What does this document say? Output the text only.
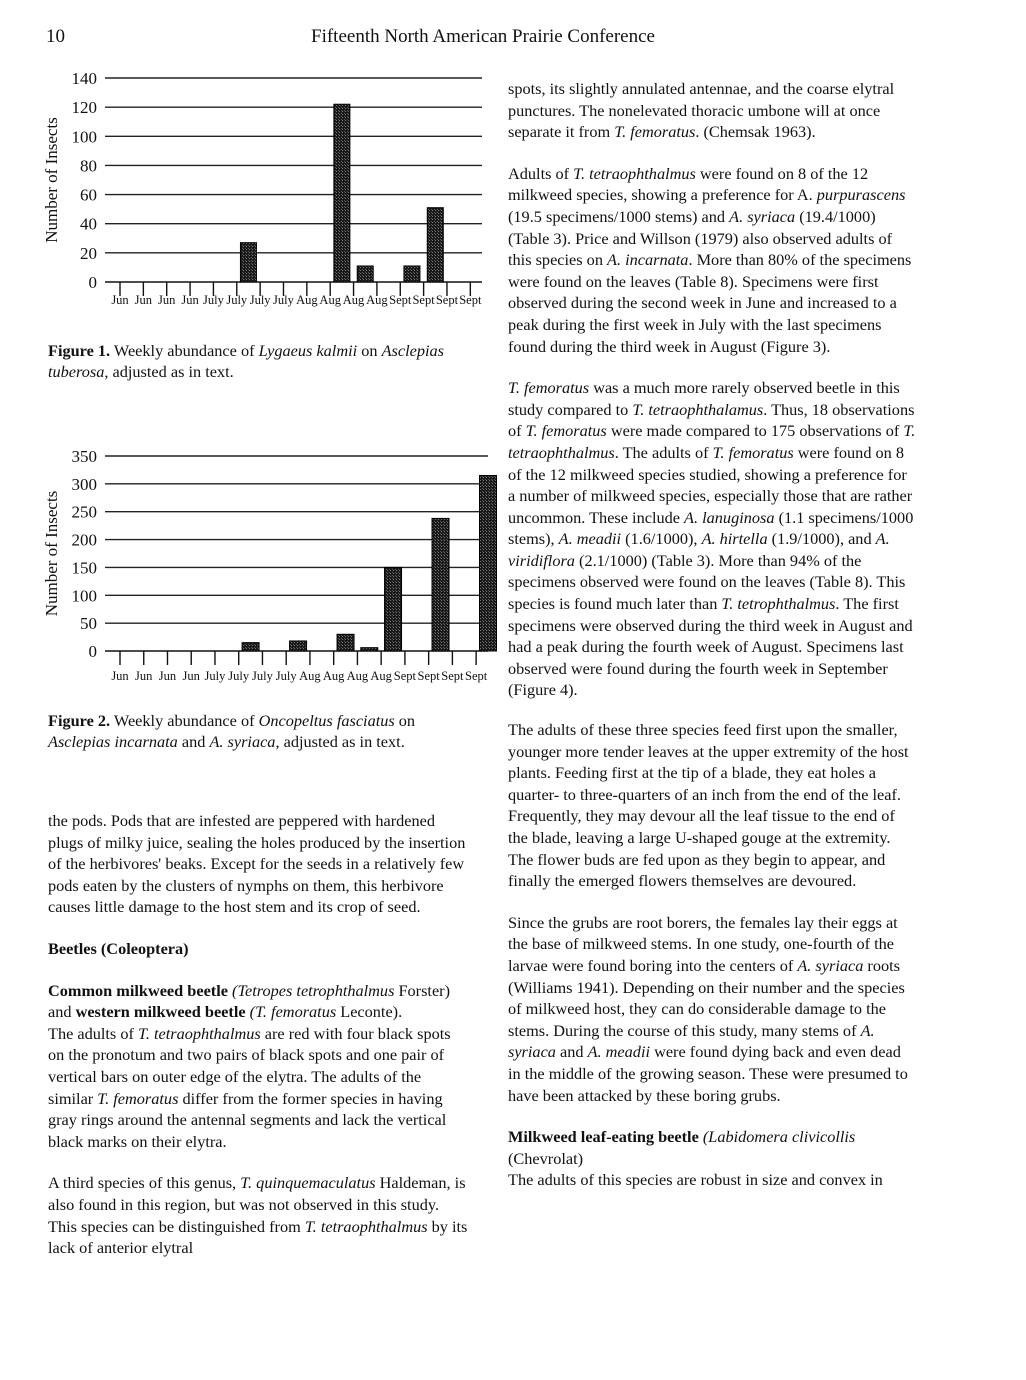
10	Fifteenth North American Prairie Conference
0
20
40
60
80
100
120
140
Number of Insects
Jun Jun Jun Jun July July July July Aug Aug Aug Aug Sept Sept Sept Sept
0
50
100
150
200
250
300
350
Number of Insects
Jun Jun Jun Jun July July July July Aug Aug Aug Aug Sept Sept Sept Sept
Figure 1. Weekly abundance of Lygaeus kalmii on Asclepias tuberosa, adjusted as in text.
Figure 2. Weekly abundance of Oncopeltus fasciatus on Asclepias incarnata and A. syriaca, adjusted as in text.

the pods. Pods that are infested are peppered with hardened plugs of milky juice, sealing the holes produced by the insertion of the herbivores' beaks. Except for the seeds in a relatively few pods eaten by the clusters of nymphs on them, this herbivore causes little damage to the host stem and its crop of seed.

Beetles (Coleoptera)

Common milkweed beetle (Tetropes tetrophthalmus Forster) and western milkweed beetle (T. femoratus Leconte).

The adults of T. tetraophthalmus are red with four black spots on the pronotum and two pairs of black spots and one pair of vertical bars on outer edge of the elytra. The adults of the similar T. femoratus differ from the former species in having gray rings around the antennal segments and lack the vertical black marks on their elytra.

A third species of this genus, T. quinquemaculatus Haldeman, is also found in this region, but was not observed in this study. This species can be distinguished from T. tetraophthalmus by its lack of anterior elytral

spots, its slightly annulated antennae, and the coarse elytral punctures. The nonelevated thoracic umbone will at once separate it from T. femoratus. (Chemsak 1963).

Adults of T. tetraophthalmus were found on 8 of the 12 milkweed species, showing a preference for A. purpurascens (19.5 specimens/1000 stems) and A. syriaca (19.4/1000) (Table 3). Price and Willson (1979) also observed adults of this species on A. incarnata. More than 80% of the specimens were found on the leaves (Table 8). Specimens were first observed during the second week in June and increased to a peak during the first week in July with the last specimens found during the third week in August (Figure 3).

T. femoratus was a much more rarely observed beetle in this study compared to T. tetraophthalamus. Thus, 18 observations of T. femoratus were made compared to 175 observations of T. tetraophthalmus. The adults of T. femoratus were found on 8 of the 12 milkweed species studied, showing a preference for a number of milkweed species, especially those that are rather uncommon. These include A. lanuginosa (1.1 specimens/1000 stems), A. meadii (1.6/1000), A. hirtella (1.9/1000), and A. viridiflora (2.1/1000) (Table 3). More than 94% of the specimens observed were found on the leaves (Table 8). This species is found much later than T. tetrophthalmus. The first specimens were observed during the third week in August and had a peak during the fourth week of August. Specimens last observed were found during the fourth week in September (Figure 4).

The adults of these three species feed first upon the smaller, younger more tender leaves at the upper extremity of the host plants. Feeding first at the tip of a blade, they eat holes a quarter- to three-quarters of an inch from the end of the leaf. Frequently, they may devour all the leaf tissue to the end of the blade, leaving a large U-shaped gouge at the extremity. The flower buds are fed upon as they begin to appear, and finally the emerged flowers themselves are devoured.

Since the grubs are root borers, the females lay their eggs at the base of milkweed stems. In one study, one-fourth of the larvae were found boring into the centers of A. syriaca roots (Williams 1941). Depending on their number and the species of milkweed host, they can do considerable damage to the stems. During the course of this study, many stems of A. syriaca and A. meadii were found dying back and even dead in the middle of the growing season. These were presumed to have been attacked by these boring grubs.

Milkweed leaf-eating beetle (Labidomera clivicollis (Chevrolat)

The adults of this species are robust in size and convex in
